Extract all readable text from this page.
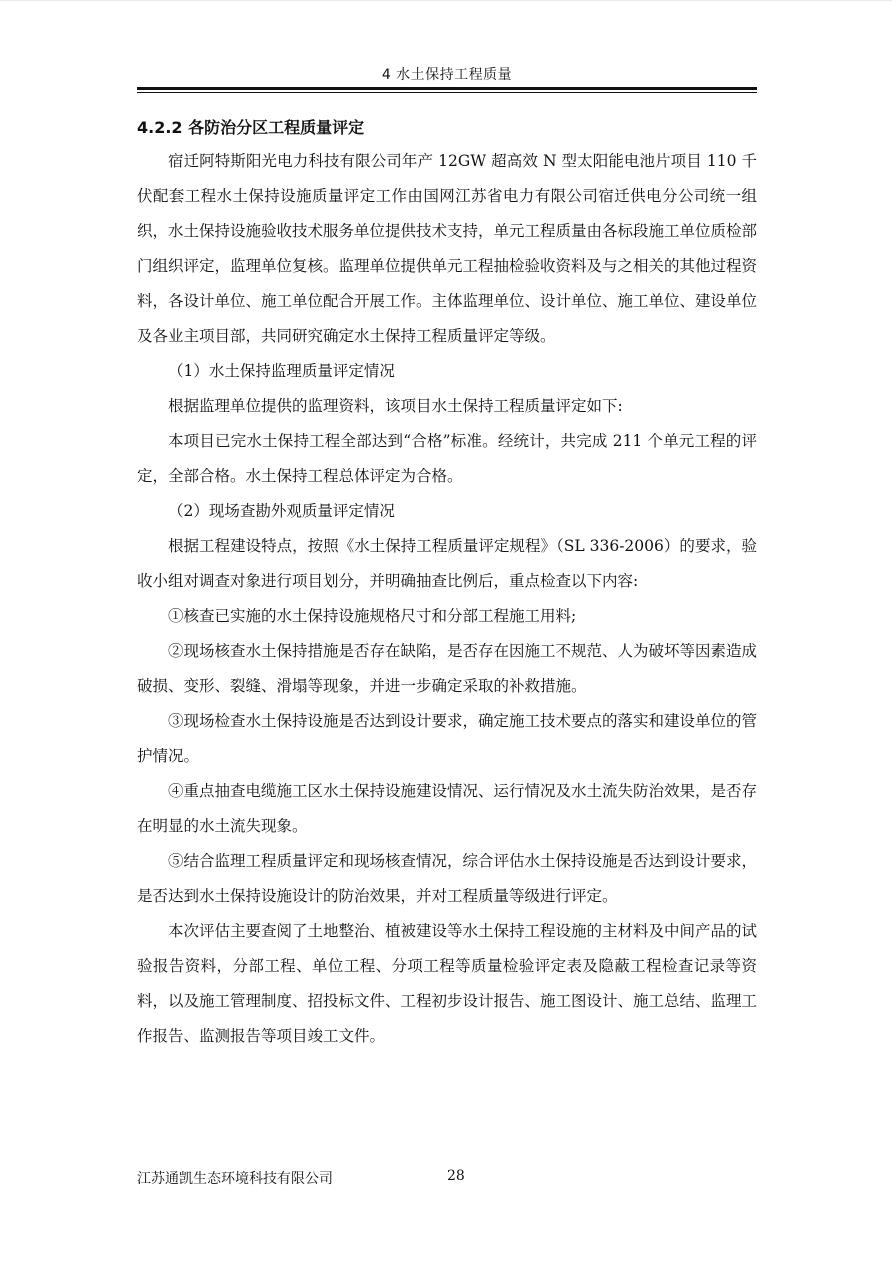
4 水土保持工程质量

4.2.2 各防治分区工程质量评定

宿迁阿特斯阳光电力科技有限公司年产 12GW 超高效 N 型太阳能电池片项目 110 千伏配套工程水土保持设施质量评定工作由国网江苏省电力有限公司宿迁供电分公司统一组织，水土保持设施验收技术服务单位提供技术支持，单元工程质量由各标段施工单位质检部门组织评定，监理单位复核。监理单位提供单元工程抽检验收资料及与之相关的其他过程资料，各设计单位、施工单位配合开展工作。主体监理单位、设计单位、施工单位、建设单位及各业主项目部，共同研究确定水土保持工程质量评定等级。

（1）水土保持监理质量评定情况

根据监理单位提供的监理资料，该项目水土保持工程质量评定如下:

本项目已完水土保持工程全部达到“合格”标准。经统计，共完成 211 个单元工程的评定，全部合格。水土保持工程总体评定为合格。

（2）现场查勘外观质量评定情况

根据工程建设特点，按照《水土保持工程质量评定规程》（SL 336-2006）的要求，验收小组对调查对象进行项目划分，并明确抽查比例后，重点检查以下内容:

①核查已实施的水土保持设施规格尺寸和分部工程施工用料;

②现场核查水土保持措施是否存在缺陷，是否存在因施工不规范、人为破坏等因素造成破损、变形、裂缝、滑塌等现象，并进一步确定采取的补救措施。

③现场检查水土保持设施是否达到设计要求，确定施工技术要点的落实和建设单位的管护情况。

④重点抽查电缆施工区水土保持设施建设情况、运行情况及水土流失防治效果，是否存在明显的水土流失现象。

⑤结合监理工程质量评定和现场核查情况，综合评估水土保持设施是否达到设计要求，是否达到水土保持设施设计的防治效果，并对工程质量等级进行评定。

本次评估主要查阅了土地整治、植被建设等水土保持工程设施的主材料及中间产品的试验报告资料，分部工程、单位工程、分项工程等质量检验评定表及隐蔽工程检查记录等资料，以及施工管理制度、招投标文件、工程初步设计报告、施工图设计、施工总结、监理工作报告、监测报告等项目竣工文件。

江苏通凯生态环境科技有限公司	28
